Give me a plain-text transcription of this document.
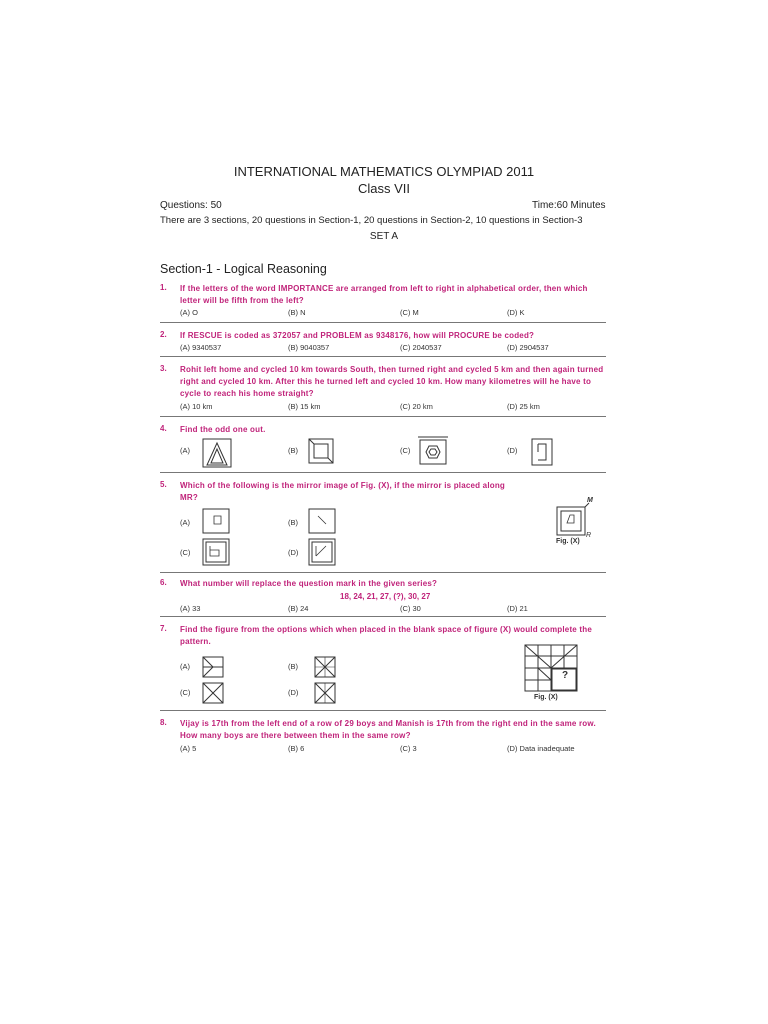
INTERNATIONAL MATHEMATICS OLYMPIAD 2011
Class VII
Questions: 50	Time:60 Minutes
There are 3 sections, 20 questions in Section-1, 20 questions in Section-2, 10 questions in Section-3
SET A
Section-1 - Logical Reasoning
1. If the letters of the word IMPORTANCE are arranged from left to right in alphabetical order, then which letter will be fifth from the left?
(A) O	(B) N	(C) M	(D) K
2. If RESCUE is coded as 372057 and PROBLEM as 9348176, how will PROCURE be coded?
(A) 9340537	(B) 9040357	(C) 2040537	(D) 2904537
3. Rohit left home and cycled 10 km towards South, then turned right and cycled 5 km and then again turned right and cycled 10 km. After this he turned left and cycled 10 km. How many kilometres will he have to cycle to reach his home straight?
(A) 10 km	(B) 15 km	(C) 20 km	(D) 25 km
4. Find the odd one out.
(A)	(B)	(C)	(D)
5. Which of the following is the mirror image of Fig. (X), if the mirror is placed along MR?
(A)	(B)
(C)	(D)
M
Fig. (X)
R
6. What number will replace the question mark in the given series?
18, 24, 21, 27, (?), 30, 27
(A) 33	(B) 24	(C) 30	(D) 21
7. Find the figure from the options which when placed in the blank space of figure (X) would complete the pattern.
(A)	(B)
(C)	(D)
?
Fig. (X)
8. Vijay is 17th from the left end of a row of 29 boys and Manish is 17th from the right end in the same row. How many boys are there between them in the same row?
(A) 5	(B) 6	(C) 3	(D) Data inadequate
